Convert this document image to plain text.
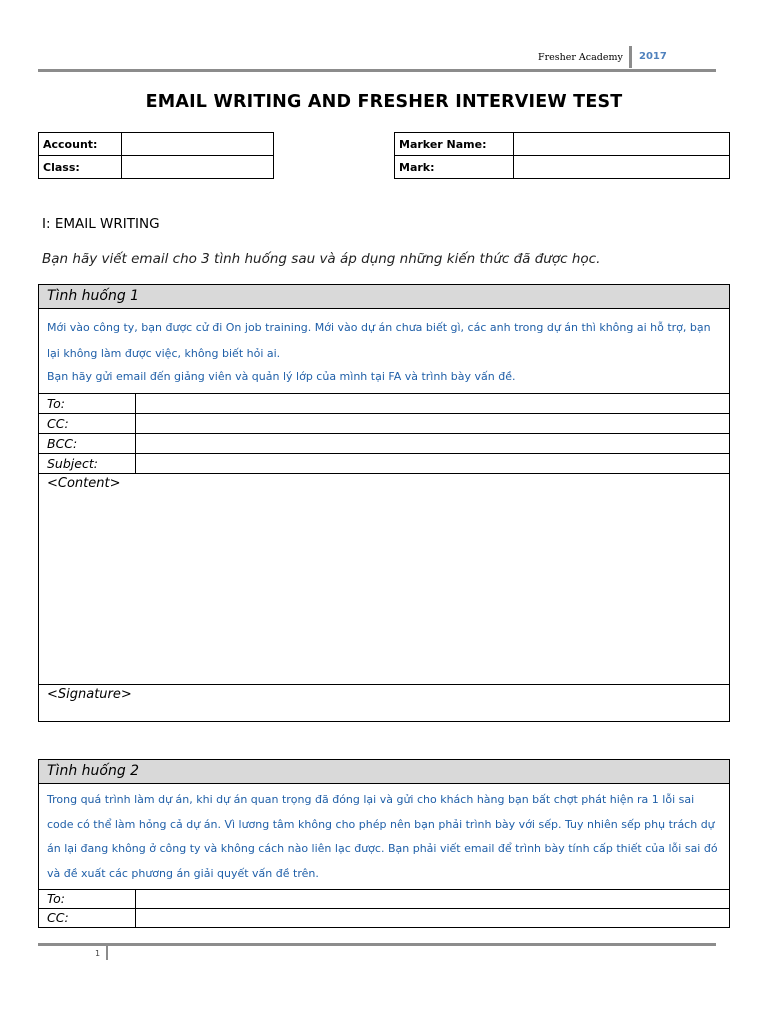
Fresher Academy 2017
EMAIL WRITING AND FRESHER INTERVIEW TEST
Account:	
Class:	
Marker Name:	
Mark:	
I: EMAIL WRITING
Bạn hãy viết email cho 3 tình huống sau và áp dụng những kiến thức đã được học.
Tình huống 1

Mới vào công ty, bạn được cử đi On job training. Mới vào dự án chưa biết gì, các anh trong dự án thì không ai hỗ trợ, bạn lại không làm được việc, không biết hỏi ai.

Bạn hãy gửi email đến giảng viên và quản lý lớp của mình tại FA và trình bày vấn đề.

To:
CC:
BCC:
Subject:
<Content>
<Signature>
Tình huống 2

Trong quá trình làm dự án, khi dự án quan trọng đã đóng lại và gửi cho khách hàng bạn bất chợt phát hiện ra 1 lỗi sai code có thể làm hỏng cả dự án. Vì lương tâm không cho phép nên bạn phải trình bày với sếp. Tuy nhiên sếp phụ trách dự án lại đang không ở công ty và không cách nào liên lạc được. Bạn phải viết email để trình bày tính cấp thiết của lỗi sai đó và đề xuất các phương án giải quyết vấn đề trên.

To:
CC:
1
